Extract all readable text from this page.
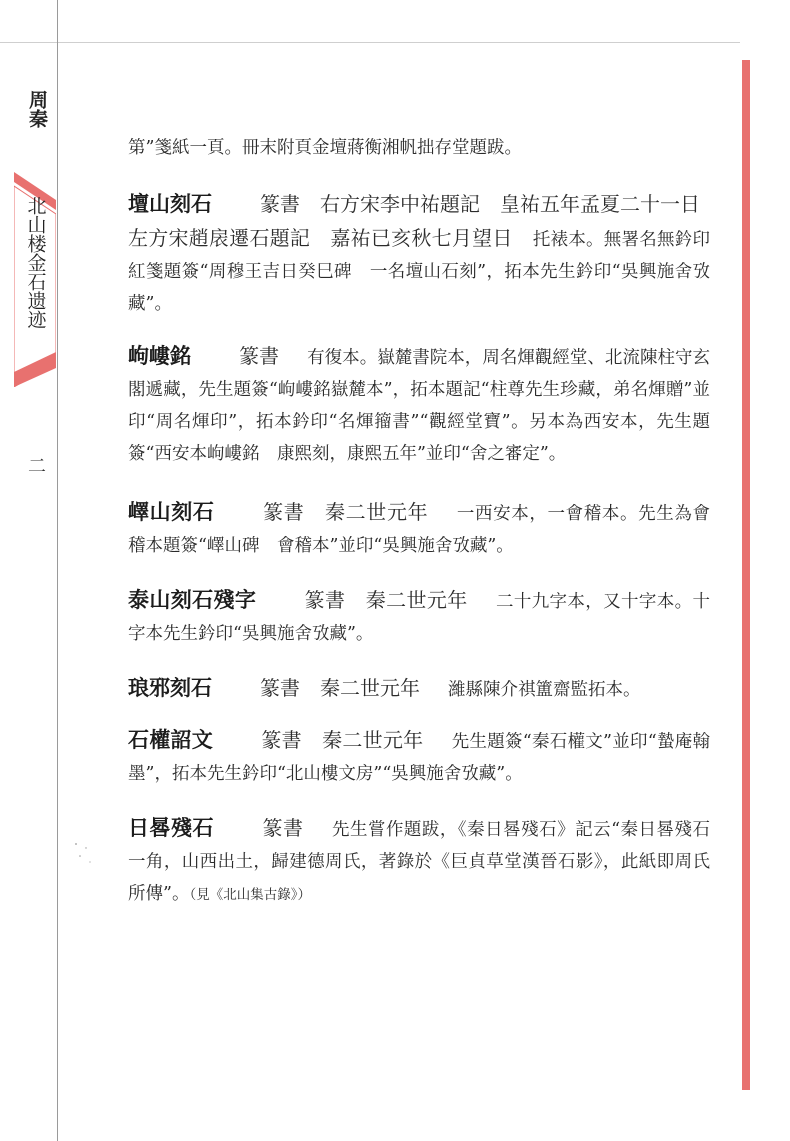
周秦
北山楼金石遗迹
二
第”箋紙一頁。冊末附頁金壇蔣衡湘帆拙存堂題跋。
壇山刻石 篆書　右方宋李中祐題記　皇祐五年孟夏二十一日
左方宋趙扆遷石題記　嘉祐已亥秋七月望日 托裱本。無署名無鈐印紅箋題簽“周穆王吉日癸巳碑　一名壇山石刻”，拓本先生鈐印“吳興施舍攷藏”。
岣嶁銘 篆書 有復本。嶽麓書院本，周名煇觀經堂、北流陳柱守玄閣遞藏，先生題簽“岣嶁銘嶽麓本”，拓本題記“柱尊先生珍藏，弟名煇贈”並印“周名煇印”，拓本鈐印“名煇籀書”“觀經堂寶”。另本為西安本，先生題簽“西安本岣嶁銘　康熙刻，康熙五年”並印“舍之審定”。
嶧山刻石 篆書　秦二世元年 一西安本，一會稽本。先生為會稽本題簽“嶧山碑　會稽本”並印“吳興施舍攷藏”。
泰山刻石殘字 篆書　秦二世元年 二十九字本，又十字本。十字本先生鈐印“吳興施舍攷藏”。
琅邪刻石 篆書　秦二世元年 濰縣陳介祺簠齋監拓本。
石權詔文 篆書　秦二世元年 先生題簽“秦石權文”並印“蟄庵翰墨”，拓本先生鈐印“北山樓文房”“吳興施舍攷藏”。
日晷殘石 篆書 先生嘗作題跋，《秦日晷殘石》記云“秦日晷殘石一角，山西出土，歸建德周氏，著錄於《巨貞草堂漢晉石影》，此紙即周氏所傳”。（見《北山集古錄》）
